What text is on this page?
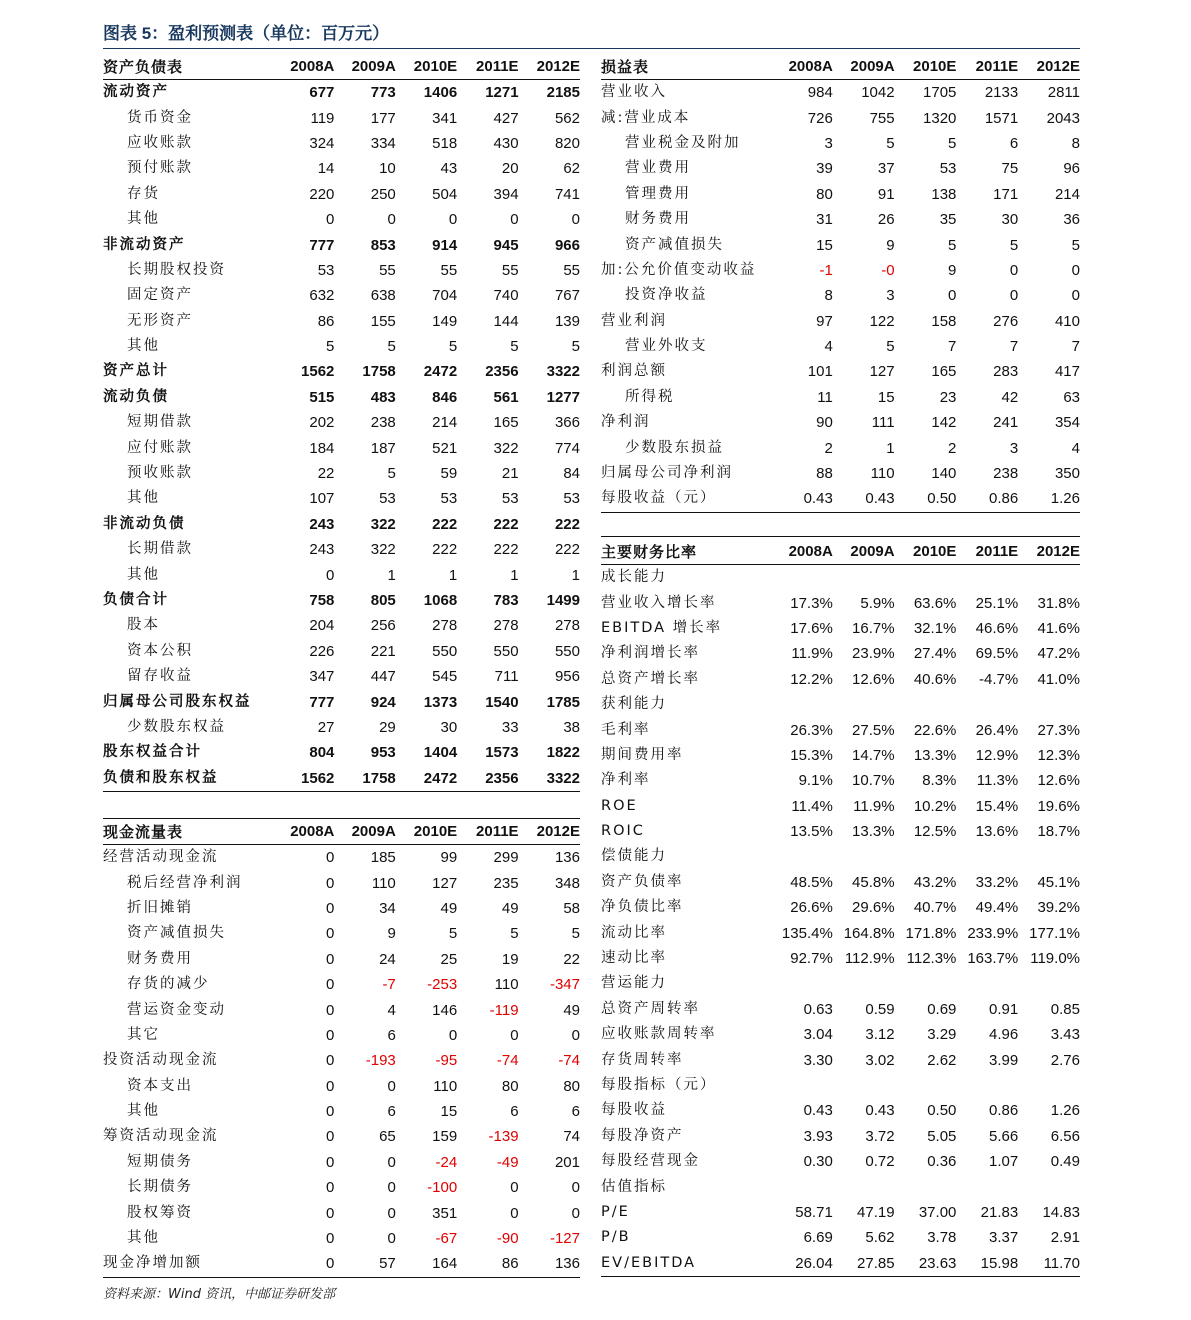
图表 5：盈利预测表（单位：百万元）
资产负债表	2008A	2009A	2010E	2011E	2012E
流动资产	677	773	1406	1271	2185
货币资金	119	177	341	427	562
应收账款	324	334	518	430	820
预付账款	14	10	43	20	62
存货	220	250	504	394	741
其他	0	0	0	0	0
非流动资产	777	853	914	945	966
长期股权投资	53	55	55	55	55
固定资产	632	638	704	740	767
无形资产	86	155	149	144	139
其他	5	5	5	5	5
资产总计	1562	1758	2472	2356	3322
流动负债	515	483	846	561	1277
短期借款	202	238	214	165	366
应付账款	184	187	521	322	774
预收账款	22	5	59	21	84
其他	107	53	53	53	53
非流动负债	243	322	222	222	222
长期借款	243	322	222	222	222
其他	0	1	1	1	1
负债合计	758	805	1068	783	1499
股本	204	256	278	278	278
资本公积	226	221	550	550	550
留存收益	347	447	545	711	956
归属母公司股东权益	777	924	1373	1540	1785
少数股东权益	27	29	30	33	38
股东权益合计	804	953	1404	1573	1822
负债和股东权益	1562	1758	2472	2356	3322
现金流量表	2008A	2009A	2010E	2011E	2012E
经营活动现金流	0	185	99	299	136
税后经营净利润	0	110	127	235	348
折旧摊销	0	34	49	49	58
资产减值损失	0	9	5	5	5
财务费用	0	24	25	19	22
存货的减少	0	-7	-253	110	-347
营运资金变动	0	4	146	-119	49
其它	0	6	0	0	0
投资活动现金流	0	-193	-95	-74	-74
资本支出	0	0	110	80	80
其他	0	6	15	6	6
筹资活动现金流	0	65	159	-139	74
短期债务	0	0	-24	-49	201
长期债务	0	0	-100	0	0
股权筹资	0	0	351	0	0
其他	0	0	-67	-90	-127
现金净增加额	0	57	164	86	136
损益表	2008A	2009A	2010E	2011E	2012E
营业收入	984	1042	1705	2133	2811
减:营业成本	726	755	1320	1571	2043
营业税金及附加	3	5	5	6	8
营业费用	39	37	53	75	96
管理费用	80	91	138	171	214
财务费用	31	26	35	30	36
资产减值损失	15	9	5	5	5
加:公允价值变动收益	-1	-0	9	0	0
投资净收益	8	3	0	0	0
营业利润	97	122	158	276	410
营业外收支	4	5	7	7	7
利润总额	101	127	165	283	417
所得税	11	15	23	42	63
净利润	90	111	142	241	354
少数股东损益	2	1	2	3	4
归属母公司净利润	88	110	140	238	350
每股收益（元）	0.43	0.43	0.50	0.86	1.26
主要财务比率	2008A	2009A	2010E	2011E	2012E
成长能力					
营业收入增长率	17.3%	5.9%	63.6%	25.1%	31.8%
EBITDA 增长率	17.6%	16.7%	32.1%	46.6%	41.6%
净利润增长率	11.9%	23.9%	27.4%	69.5%	47.2%
总资产增长率	12.2%	12.6%	40.6%	-4.7%	41.0%
获利能力					
毛利率	26.3%	27.5%	22.6%	26.4%	27.3%
期间费用率	15.3%	14.7%	13.3%	12.9%	12.3%
净利率	9.1%	10.7%	8.3%	11.3%	12.6%
ROE	11.4%	11.9%	10.2%	15.4%	19.6%
ROIC	13.5%	13.3%	12.5%	13.6%	18.7%
偿债能力					
资产负债率	48.5%	45.8%	43.2%	33.2%	45.1%
净负债比率	26.6%	29.6%	40.7%	49.4%	39.2%
流动比率	135.4%	164.8%	171.8%	233.9%	177.1%
速动比率	92.7%	112.9%	112.3%	163.7%	119.0%
营运能力					
总资产周转率	0.63	0.59	0.69	0.91	0.85
应收账款周转率	3.04	3.12	3.29	4.96	3.43
存货周转率	3.30	3.02	2.62	3.99	2.76
每股指标（元）					
每股收益	0.43	0.43	0.50	0.86	1.26
每股净资产	3.93	3.72	5.05	5.66	6.56
每股经营现金	0.30	0.72	0.36	1.07	0.49
估值指标					
P/E	58.71	47.19	37.00	21.83	14.83
P/B	6.69	5.62	3.78	3.37	2.91
EV/EBITDA	26.04	27.85	23.63	15.98	11.70
资料来源：Wind 资讯，中邮证券研发部
